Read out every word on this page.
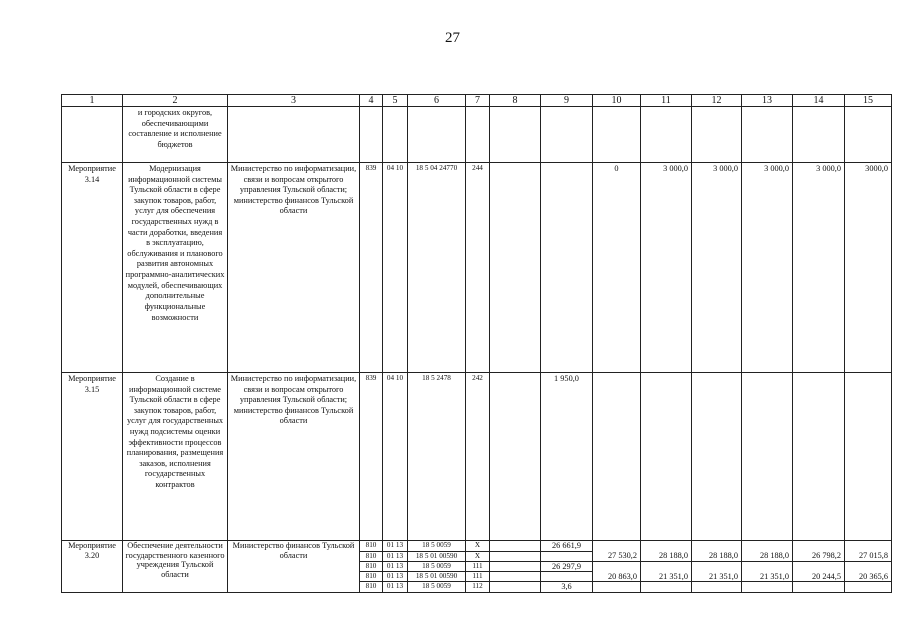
27
1	2	3	4	5	6	7	8	9	10	11	12	13	14	15
	и городских округов, обеспечивающими составление и исполнение бюджетов													
Мероприятие 3.14	Модернизация информационной системы Тульской области в сфере закупок товаров, работ, услуг для обеспечения государственных нужд в части доработки, введения в эксплуатацию, обслуживания и планового развития автономных программно-аналитических модулей, обеспечивающих дополнительные функциональные возможности	Министерство по информатизации, связи и вопросам открытого управления Тульской области; министерство финансов Тульской области	839	04 10	18 5 04 24770	244			0	3 000,0	3 000,0	3 000,0	3 000,0	3000,0
Мероприятие 3.15	Создание в информационной системе Тульской области в сфере закупок товаров, работ, услуг для государственных нужд подсистемы оценки эффективности процессов планирования, размещения заказов, исполнения государственных контрактов	Министерство по информатизации, связи и вопросам открытого управления Тульской области; министерство финансов Тульской области	839	04 10	18 5 2478	242		1 950,0						
Мероприятие 3.20	Обеспечение деятельности государственного казенного учреждения Тульской области	Министерство финансов Тульской области	810	01 13	18 5 0059	X		26 661,9						
			810	01 13	18 5 01 00590	X			27 530,2	28 188,0	28 188,0	28 188,0	26 798,2	27 015,8
			810	01 13	18 5 0059	111		26 297,9						
			810	01 13	18 5 01 00590	111			20 863,0	21 351,0	21 351,0	21 351,0	20 244,5	20 365,6
			810	01 13	18 5 0059	112		3,6						
